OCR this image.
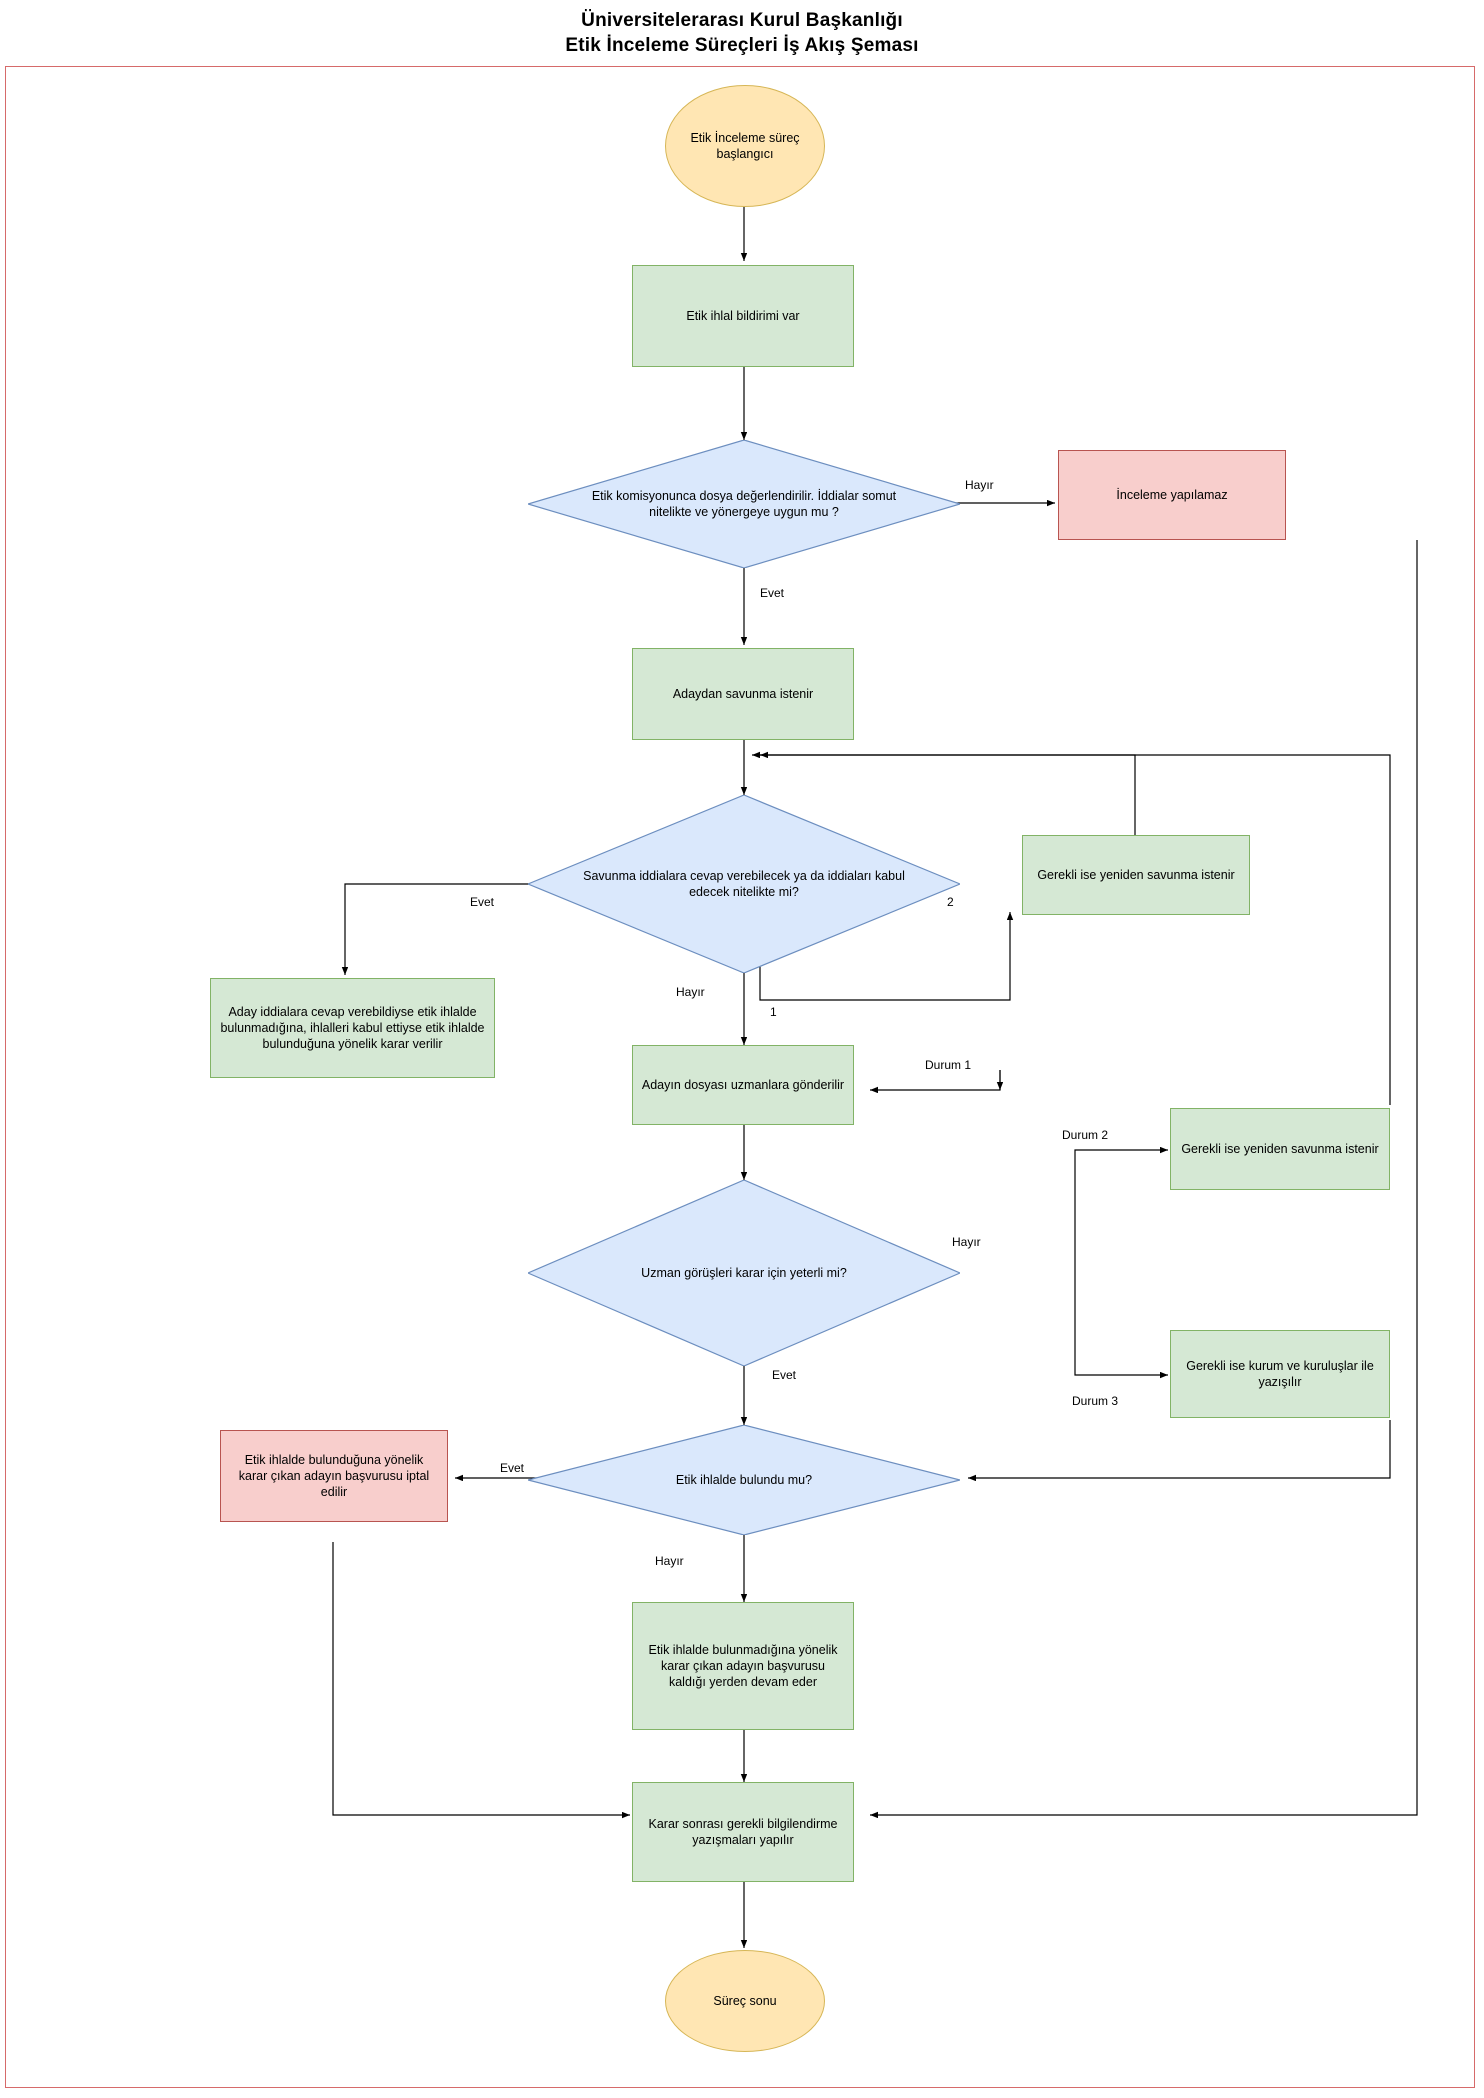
Üniversitelerarası Kurul Başkanlığı
Etik İnceleme Süreçleri İş Akış Şeması
Etik İnceleme süreç başlangıcı
Etik ihlal bildirimi var
Etik komisyonunca dosya değerlendirilir. İddialar somut nitelikte ve yönergeye uygun mu ?
İnceleme yapılamaz
Adaydan savunma istenir
Savunma iddialara cevap verebilecek ya da iddiaları kabul edecek nitelikte mi?
Gerekli ise yeniden savunma istenir
Aday iddialara cevap verebildiyse etik ihlalde bulunmadığına, ihlalleri kabul ettiyse etik ihlalde bulunduğuna yönelik karar verilir
Adayın dosyası uzmanlara gönderilir
Uzman görüşleri karar için yeterli mi?
Gerekli ise yeniden savunma istenir
Gerekli ise kurum ve kuruluşlar ile yazışılır
Etik ihlalde bulundu mu?
Etik ihlalde bulunduğuna yönelik karar çıkan adayın başvurusu iptal edilir
Etik ihlalde bulunmadığına yönelik karar çıkan adayın başvurusu kaldığı yerden devam eder
Karar sonrası gerekli bilgilendirme yazışmaları yapılır
Süreç sonu
Hayır
Evet
Evet
Hayır
1
2
Durum 1
Durum 2
Hayır
Durum 3
Evet
Evet
Hayır
